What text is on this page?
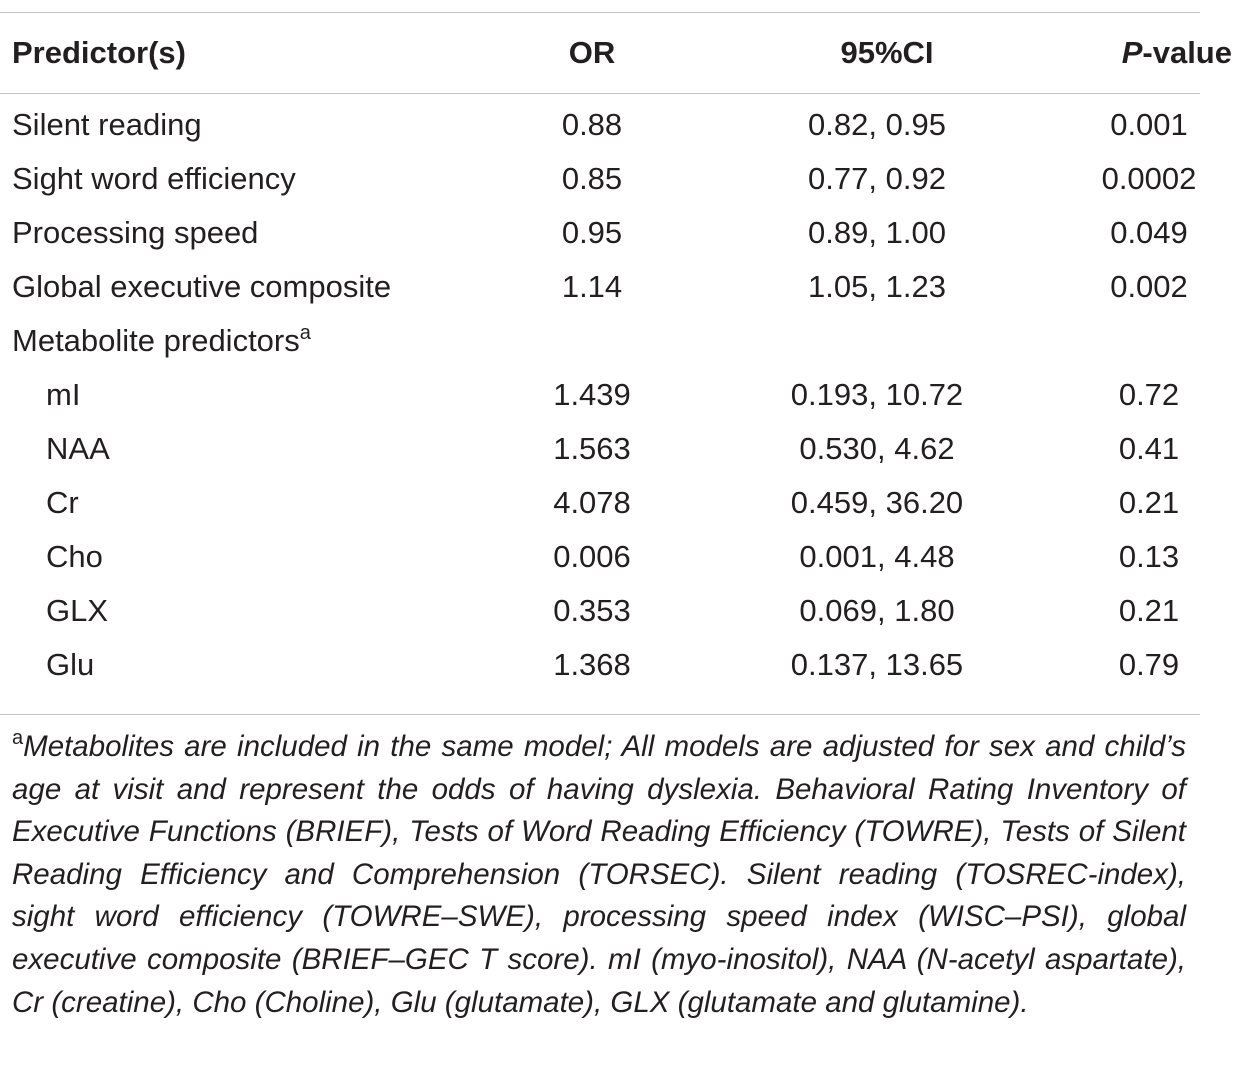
Predictor(s)	OR	95%CI	P-value
Silent reading	0.88	0.82, 0.95	0.001
Sight word efficiency	0.85	0.77, 0.92	0.0002
Processing speed	0.95	0.89, 1.00	0.049
Global executive composite	1.14	1.05, 1.23	0.002
Metabolite predictors$^a$			
mI	1.439	0.193, 10.72	0.72
NAA	1.563	0.530, 4.62	0.41
Cr	4.078	0.459, 36.20	0.21
Cho	0.006	0.001, 4.48	0.13
GLX	0.353	0.069, 1.80	0.21
Glu	1.368	0.137, 13.65	0.79
$^a$Metabolites are included in the same model; All models are adjusted for sex and child’s age at visit and represent the odds of having dyslexia. Behavioral Rating Inventory of Executive Functions (BRIEF), Tests of Word Reading Efficiency (TOWRE), Tests of Silent Reading Efficiency and Comprehension (TORSEC). Silent reading (TOSREC-index), sight word efficiency (TOWRE–SWE), processing speed index (WISC–PSI), global executive composite (BRIEF–GEC T score). mI (myo-inositol), NAA (N-acetyl aspartate), Cr (creatine), Cho (Choline), Glu (glutamate), GLX (glutamate and glutamine).
